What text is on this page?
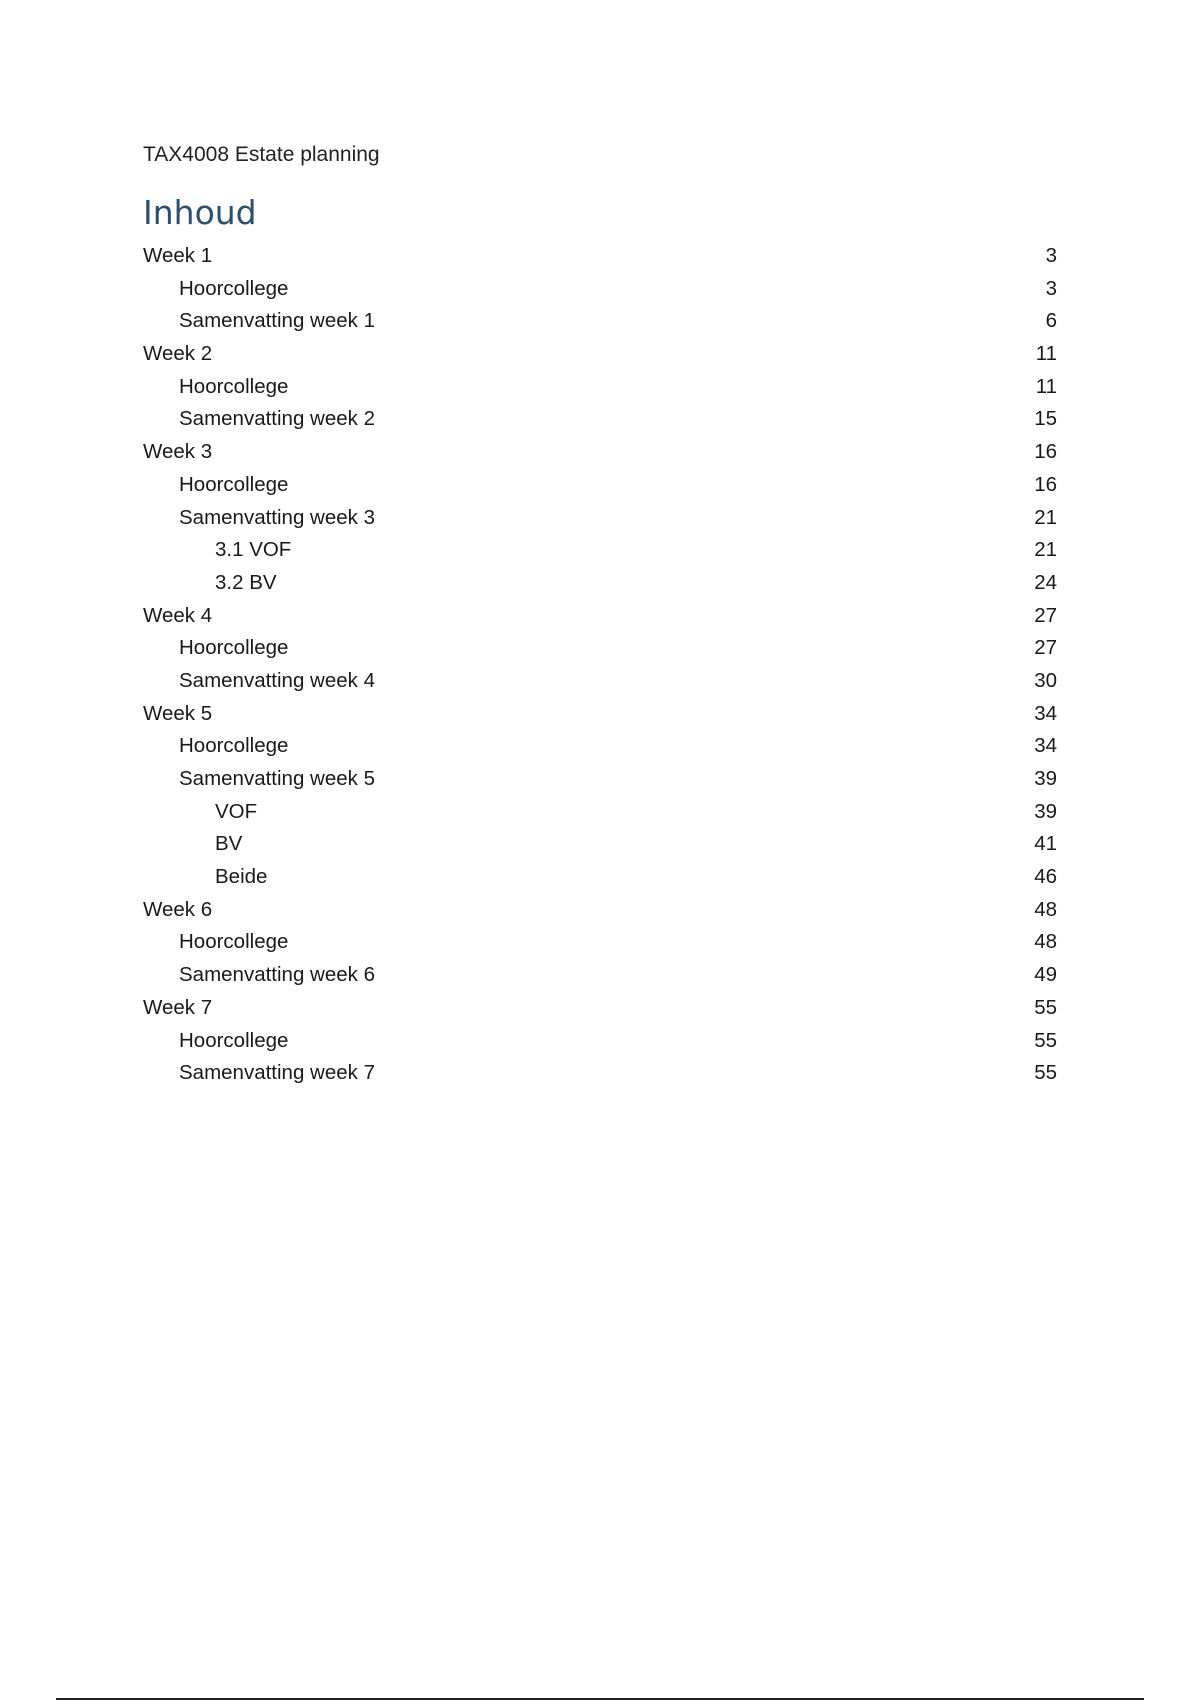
TAX4008 Estate planning
Inhoud
Week 1 .....	3
Hoorcollege .....	3
Samenvatting week 1 .....	6
Week 2 .....	11
Hoorcollege .....	11
Samenvatting week 2 .....	15
Week 3 .....	16
Hoorcollege .....	16
Samenvatting week 3 .....	21
3.1 VOF .....	21
3.2 BV .....	24
Week 4 .....	27
Hoorcollege .....	27
Samenvatting week 4 .....	30
Week 5 .....	34
Hoorcollege .....	34
Samenvatting week 5 .....	39
VOF .....	39
BV .....	41
Beide .....	46
Week 6 .....	48
Hoorcollege .....	48
Samenvatting week 6 .....	49
Week 7 .....	55
Hoorcollege .....	55
Samenvatting week 7 .....	55
